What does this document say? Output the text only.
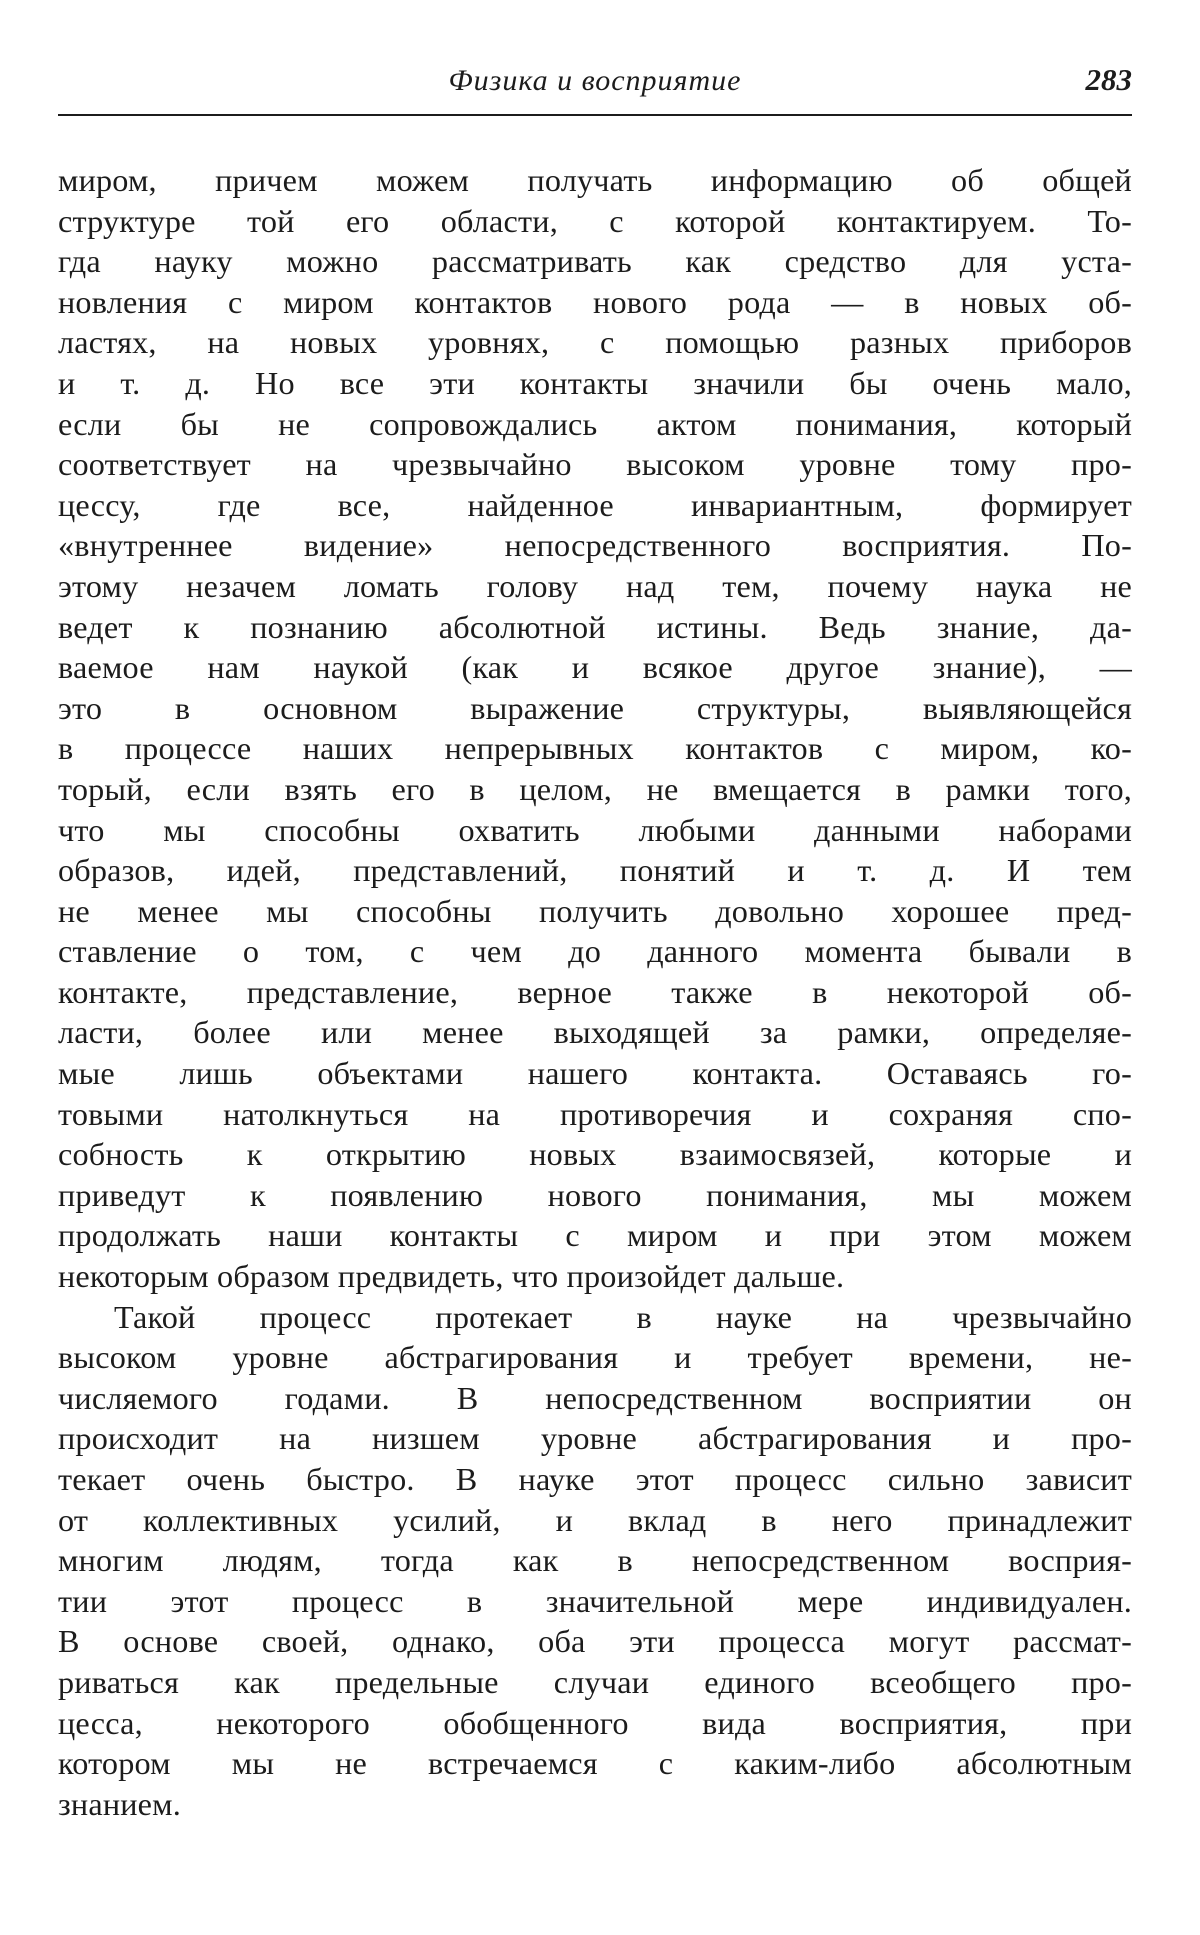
Физика и восприятие	283

миром, причем можем получать информацию об общей
структуре той его области, с которой контактируем. То-
гда науку можно рассматривать как средство для уста-
новления с миром контактов нового рода — в новых об-
ластях, на новых уровнях, с помощью разных приборов
и т. д. Но все эти контакты значили бы очень мало,
если бы не сопровождались актом понимания, который
соответствует на чрезвычайно высоком уровне тому про-
цессу, где все, найденное инвариантным, формирует
«внутреннее видение» непосредственного восприятия. По-
этому незачем ломать голову над тем, почему наука не
ведет к познанию абсолютной истины. Ведь знание, да-
ваемое нам наукой (как и всякое другое знание), —
это в основном выражение структуры, выявляющейся
в процессе наших непрерывных контактов с миром, ко-
торый, если взять его в целом, не вмещается в рамки того,
что мы способны охватить любыми данными наборами
образов, идей, представлений, понятий и т. д. И тем
не менее мы способны получить довольно хорошее пред-
ставление о том, с чем до данного момента бывали в
контакте, представление, верное также в некоторой об-
ласти, более или менее выходящей за рамки, определяе-
мые лишь объектами нашего контакта. Оставаясь го-
товыми натолкнуться на противоречия и сохраняя спо-
собность к открытию новых взаимосвязей, которые и
приведут к появлению нового понимания, мы можем
продолжать наши контакты с миром и при этом можем
некоторым образом предвидеть, что произойдет дальше.

Такой процесс протекает в науке на чрезвычайно
высоком уровне абстрагирования и требует времени, не-
числяемого годами. В непосредственном восприятии он
происходит на низшем уровне абстрагирования и про-
текает очень быстро. В науке этот процесс сильно зависит
от коллективных усилий, и вклад в него принадлежит
многим людям, тогда как в непосредственном восприя-
тии этот процесс в значительной мере индивидуален.
В основе своей, однако, оба эти процесса могут рассмат-
риваться как предельные случаи единого всеобщего про-
цесса, некоторого обобщенного вида восприятия, при
котором мы не встречаемся с каким-либо абсолютным
знанием.
